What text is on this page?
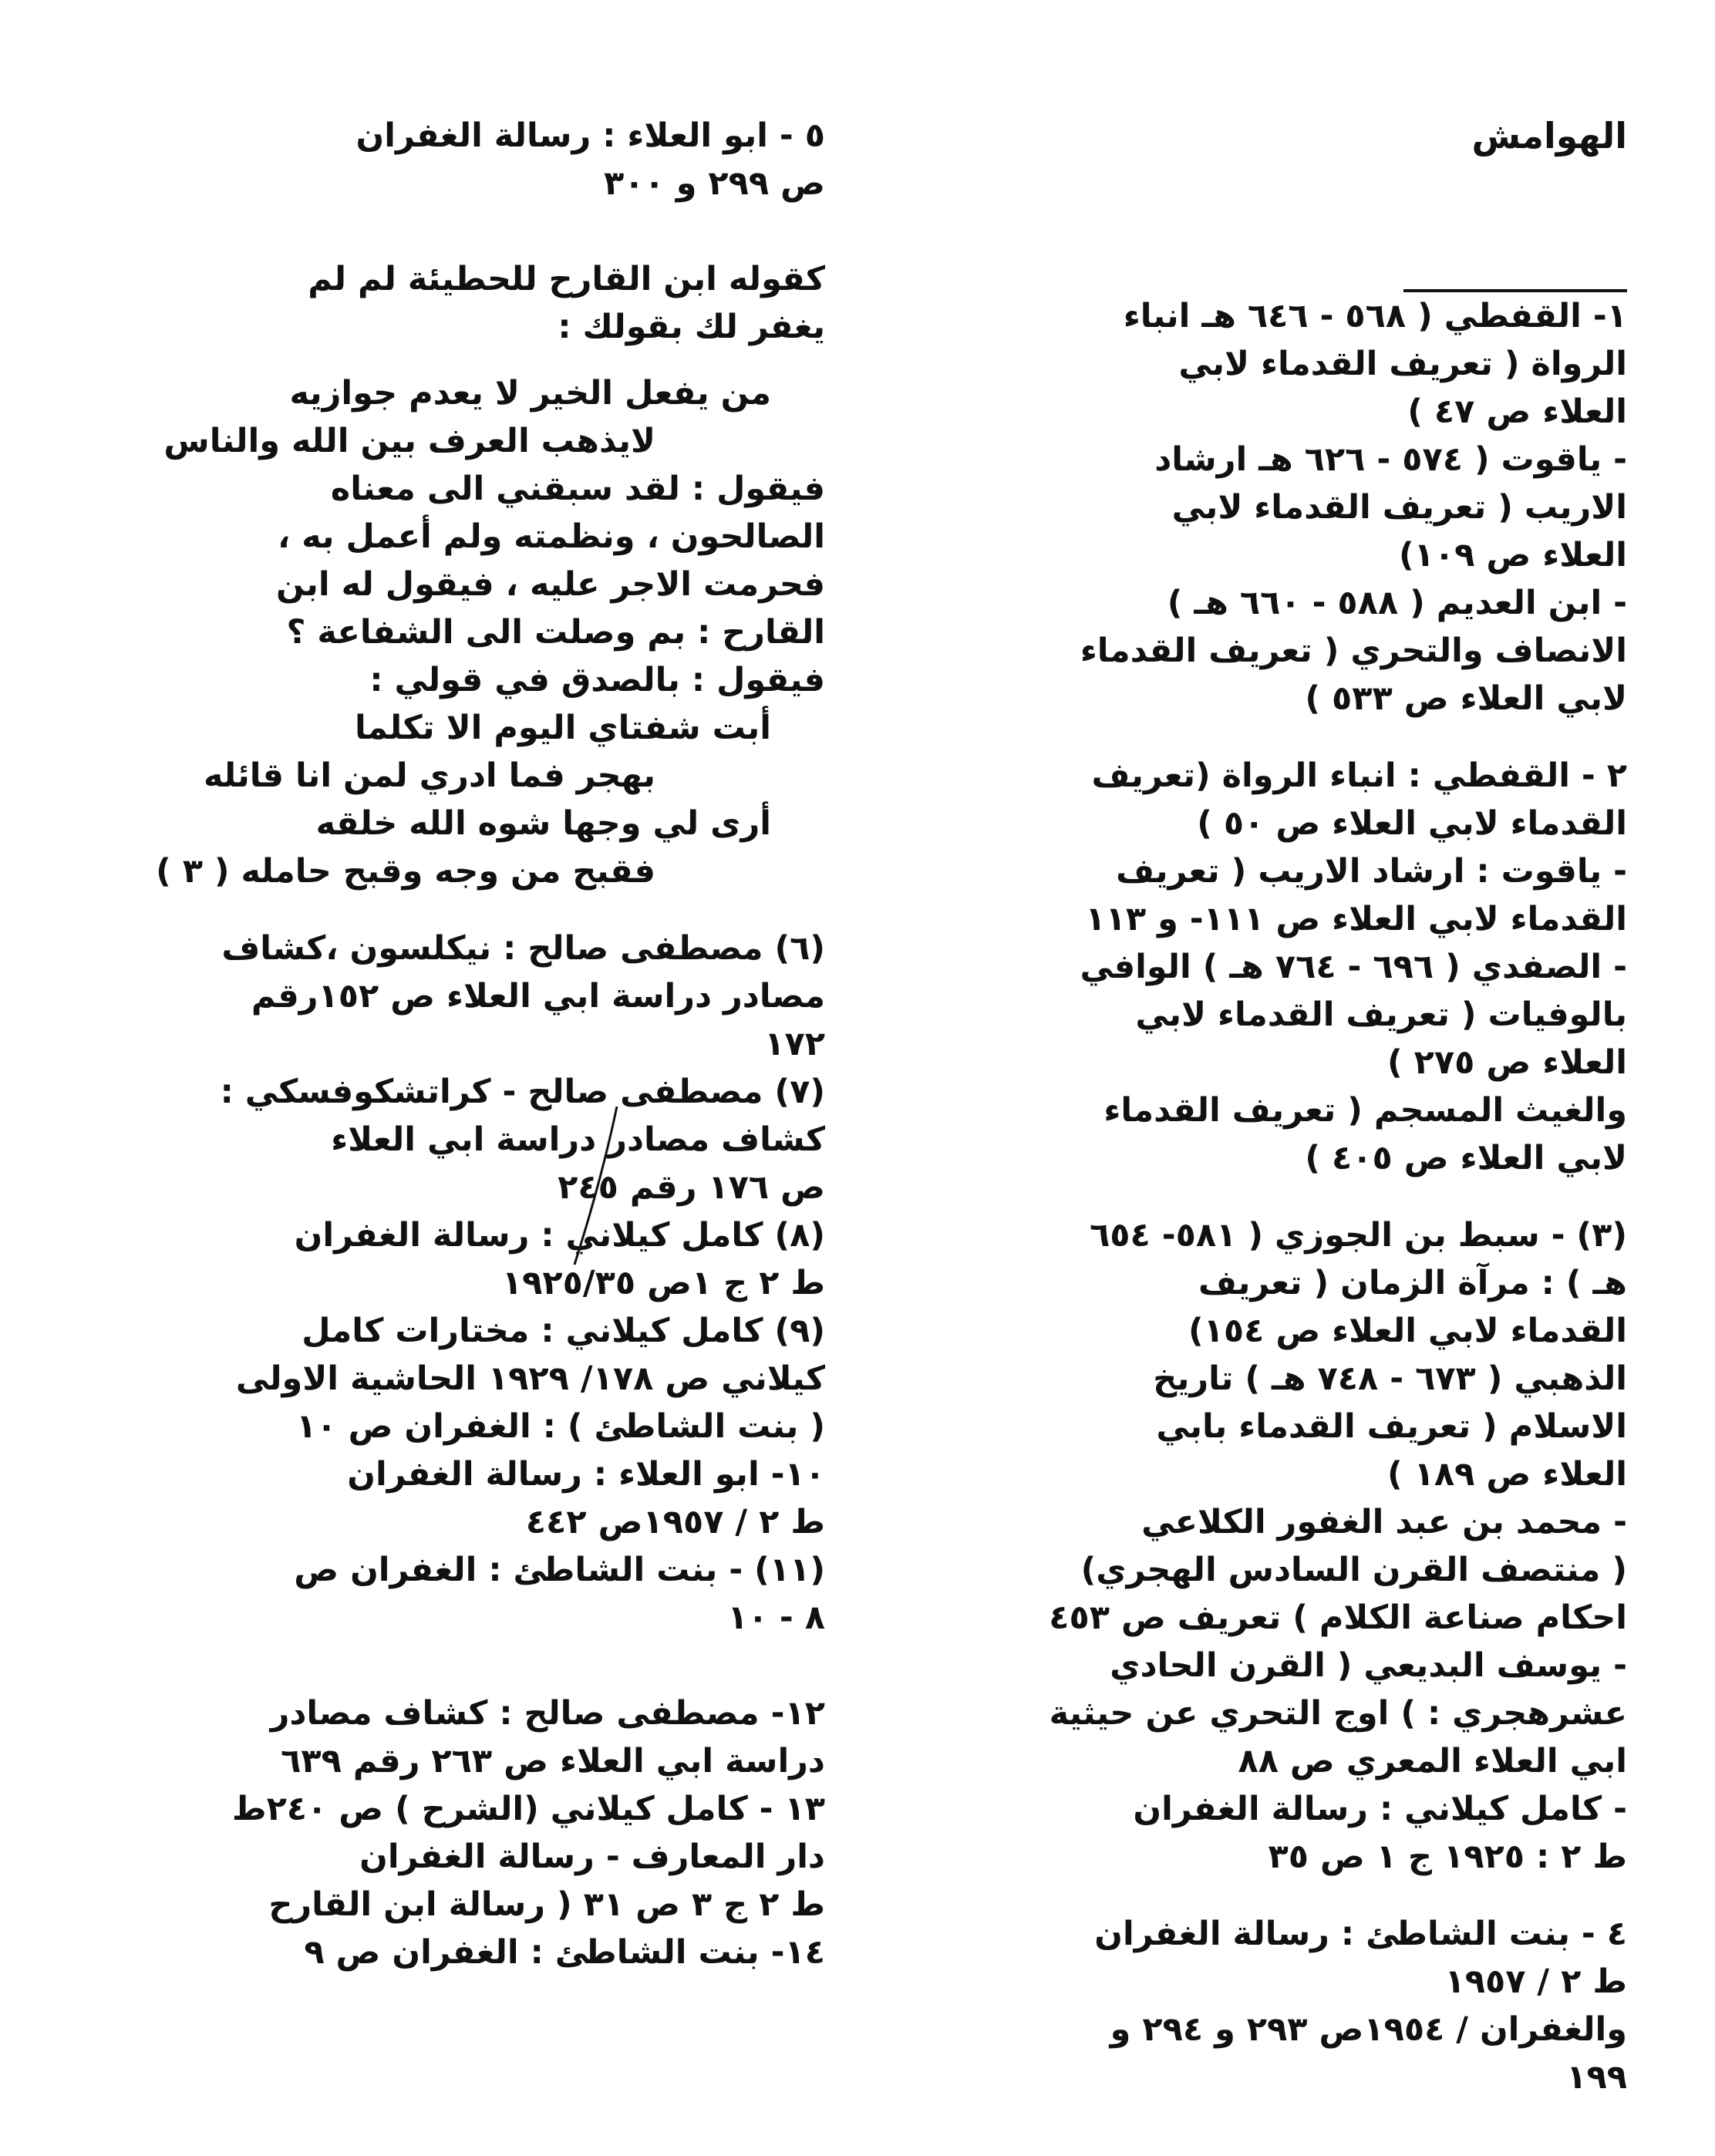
الهوامش
١- القفطي ( ٥٦٨ - ٦٤٦ هـ انباء
الرواة ( تعريف القدماء لابي
العلاء ص ٤٧ )
- ياقوت ( ٥٧٤ - ٦٢٦ هـ ارشاد
الاريب ( تعريف القدماء لابي
العلاء ص ١٠٩)
- ابن العديم ( ٥٨٨ - ٦٦٠ هـ )
الانصاف والتحري ( تعريف القدماء
لابي العلاء ص ٥٣٣ )
٢ - القفطي : انباء الرواة (تعريف
القدماء لابي العلاء ص ٥٠ )
- ياقوت : ارشاد الاريب ( تعريف
القدماء لابي العلاء ص ١١١- و ١١٣
- الصفدي ( ٦٩٦ - ٧٦٤ هـ ) الوافي
بالوفيات ( تعريف القدماء لابي
العلاء ص ٢٧٥ )
والغيث المسجم ( تعريف القدماء
لابي العلاء ص ٤٠٥ )
(٣) - سبط بن الجوزي ( ٥٨١- ٦٥٤
هـ ) : مرآة الزمان ( تعريف
القدماء لابي العلاء ص ١٥٤)
الذهبي ( ٦٧٣ - ٧٤٨ هـ ) تاريخ
الاسلام ( تعريف القدماء بابي
العلاء ص ١٨٩ )
- محمد بن عبد الغفور الكلاعي
( منتصف القرن السادس الهجري)
احكام صناعة الكلام ) تعريف ص ٤٥٣
- يوسف البديعي ( القرن الحادي
عشرهجري : ) اوج التحري عن حيثية
ابي العلاء المعري ص ٨٨
- كامل كيلاني : رسالة الغفران
ط ٢ : ١٩٢٥ ج ١ ص ٣٥
٤ - بنت الشاطئ : رسالة الغفران
ط ٢ / ١٩٥٧
والغفران / ١٩٥٤ص ٢٩٣ و ٢٩٤ و
١٩٩
٥ - ابو العلاء : رسالة الغفران
ص ٢٩٩ و ٣٠٠
كقوله ابن القارح للحطيئة لم لم
يغفر لك بقولك :
من يفعل الخير لا يعدم جوازيه
لايذهب العرف بين الله والناس
فيقول : لقد سبقني الى معناه
الصالحون ، ونظمته ولم أعمل به ،
فحرمت الاجر عليه ، فيقول له ابن
القارح : بم وصلت الى الشفاعة ؟
فيقول : بالصدق في قولي :
أبت شفتاي اليوم الا تكلما
بهجر فما ادري لمن انا قائله
أرى لي وجها شوه الله خلقه
فقبح من وجه وقبح حامله ( ٣ )
(٦) مصطفى صالح : نيكلسون ،كشاف
مصادر دراسة ابي العلاء ص ١٥٢رقم
١٧٢
(٧) مصطفى صالح - كراتشكوفسكي :
كشاف مصادر دراسة ابي العلاء
ص ١٧٦ رقم ٢٤٥
(٨) كامل كيلاني : رسالة الغفران
ط ٢ ج ١ص ١٩٢٥/٣٥
(٩) كامل كيلاني : مختارات كامل
كيلاني ص ١٧٨/ ١٩٢٩ الحاشية الاولى
( بنت الشاطئ ) : الغفران ص ١٠
١٠- ابو العلاء : رسالة الغفران
ط ٢ / ١٩٥٧ص ٤٤٢
(١١) - بنت الشاطئ : الغفران ص
٨ - ١٠
١٢- مصطفى صالح : كشاف مصادر
دراسة ابي العلاء ص ٢٦٣ رقم ٦٣٩
١٣ - كامل كيلاني (الشرح ) ص ٢٤٠ط
دار المعارف - رسالة الغفران
ط ٢ ج ٣ ص ٣١ ( رسالة ابن القارح
١٤- بنت الشاطئ : الغفران ص ٩
